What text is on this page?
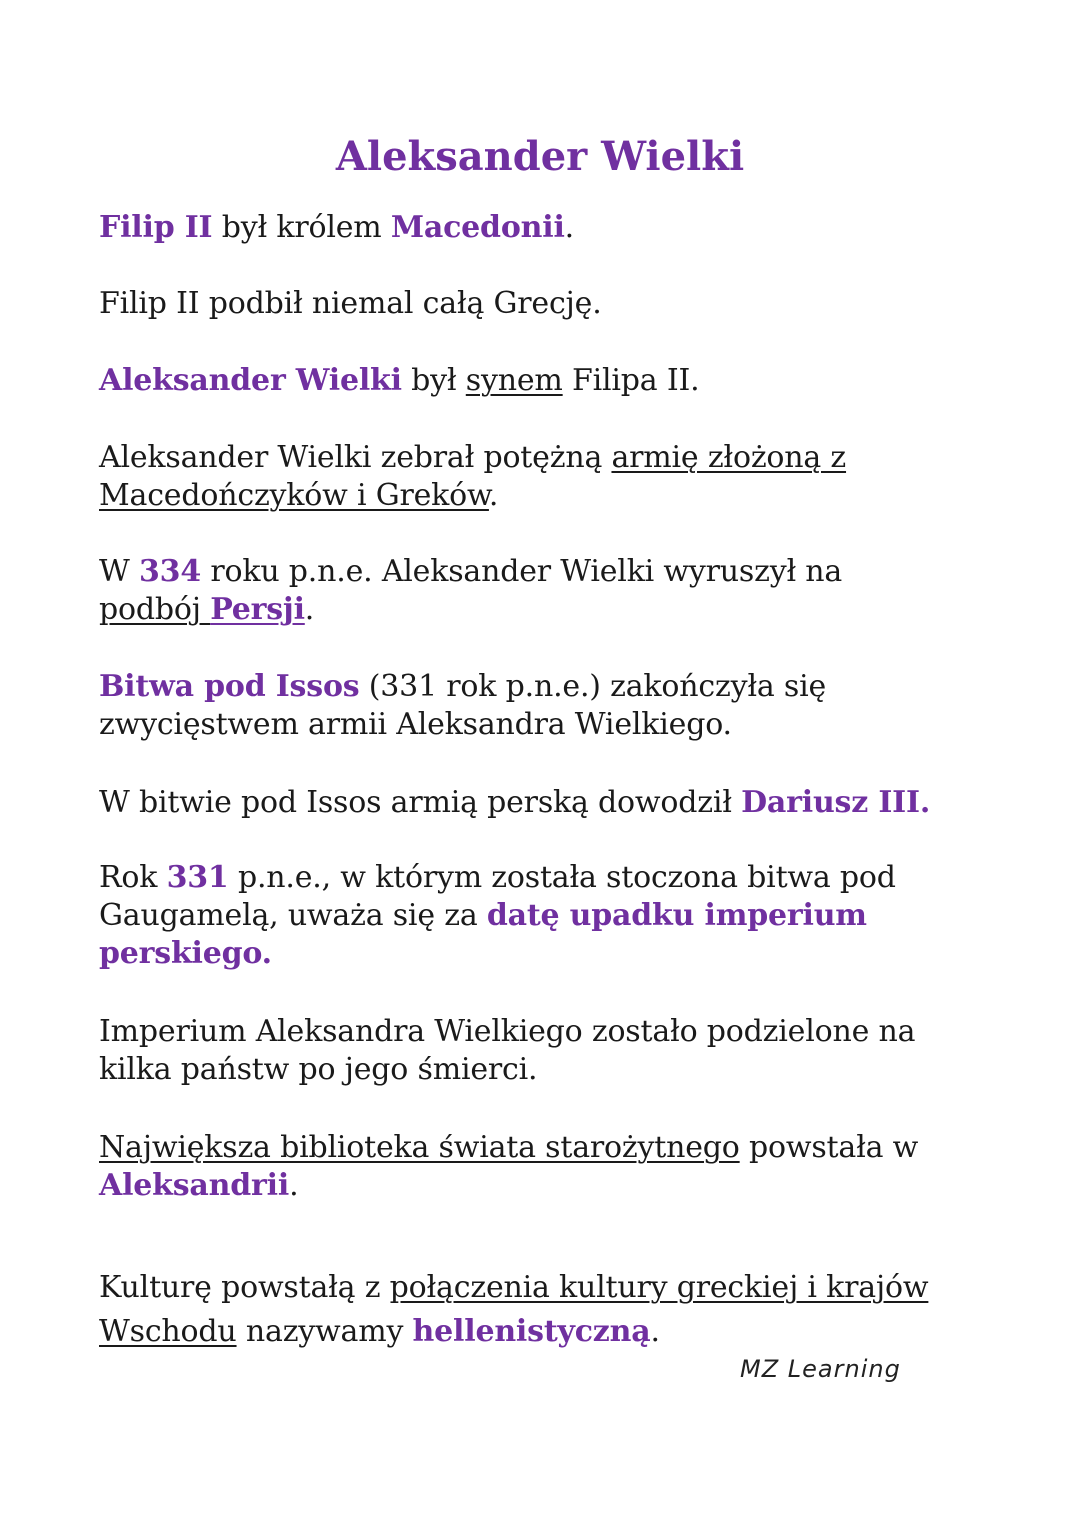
Aleksander Wielki

Filip II był królem Macedonii.

Filip II podbił niemal całą Grecję.

Aleksander Wielki był synem Filipa II.

Aleksander Wielki zebrał potężną armię złożoną z
Macedończyków i Greków.

W 334 roku p.n.e. Aleksander Wielki wyruszył na
podbój Persji.

Bitwa pod Issos (331 rok p.n.e.) zakończyła się
zwycięstwem armii Aleksandra Wielkiego.

W bitwie pod Issos armią perską dowodził Dariusz III.

Rok 331 p.n.e., w którym została stoczona bitwa pod
Gaugamelą, uważa się za datę upadku imperium
perskiego.

Imperium Aleksandra Wielkiego zostało podzielone na
kilka państw po jego śmierci.

Największa biblioteka świata starożytnego powstała w
Aleksandrii.

Kulturę powstałą z połączenia kultury greckiej i krajów
Wschodu nazywamy hellenistyczną.

MZ Learning
